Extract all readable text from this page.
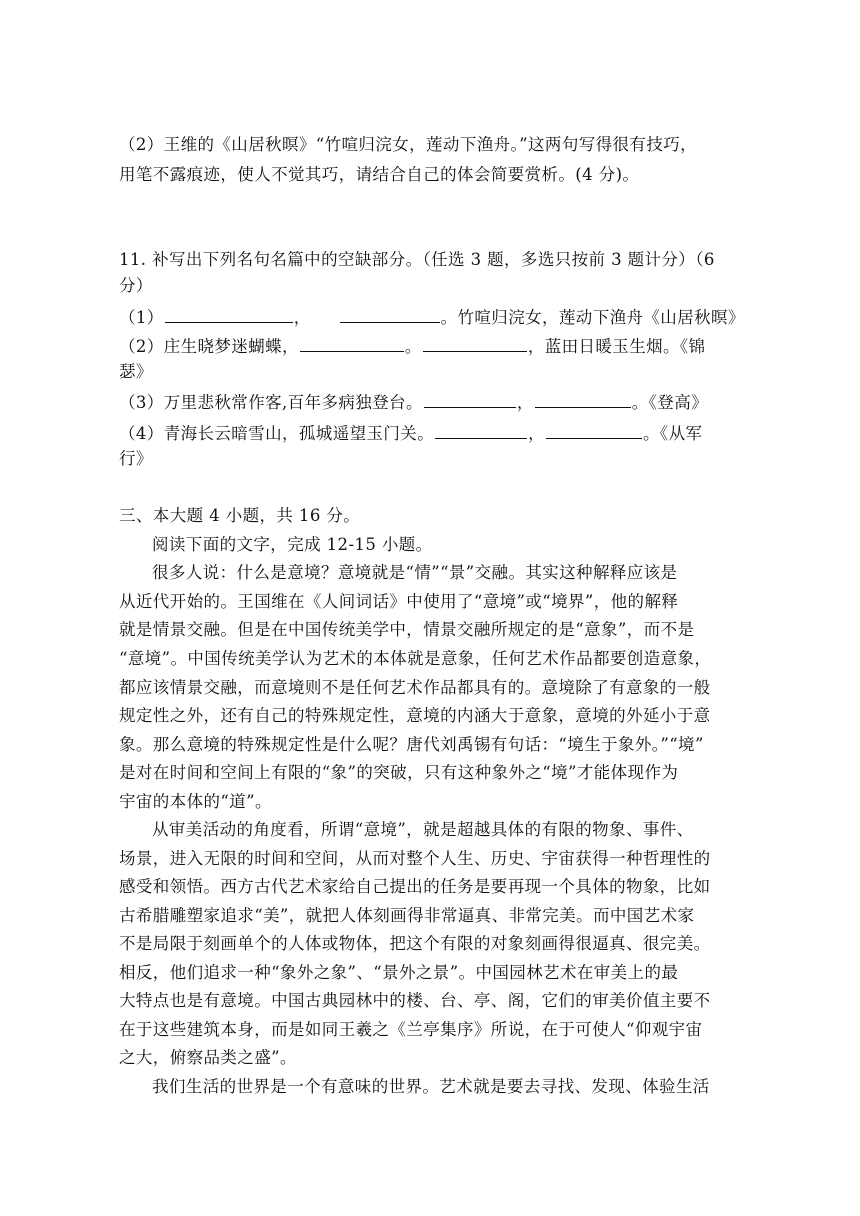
（2）王维的《山居秋暝》“竹喧归浣女，莲动下渔舟。”这两句写得很有技巧，
用笔不露痕迹，使人不觉其巧，请结合自己的体会简要赏析。(4 分)。
11. 补写出下列名句名篇中的空缺部分。（任选 3 题，多选只按前 3 题计分）（6
分）
（1）	，	。竹喧归浣女，莲动下渔舟《山居秋暝》
（2）庄生晓梦迷蝴蝶，	。	，蓝田日暖玉生烟。《锦
瑟》
（3）万里悲秋常作客,百年多病独登台。	，	。《登高》
（4）青海长云暗雪山，孤城遥望玉门关。	，	。《从军
行》
三、本大题 4 小题，共 16 分。
阅读下面的文字，完成 12-15 小题。
很多人说：什么是意境？意境就是“情”“景”交融。其实这种解释应该是
从近代开始的。王国维在《人间词话》中使用了“意境”或“境界”，他的解释
就是情景交融。但是在中国传统美学中，情景交融所规定的是“意象”，而不是
“意境”。中国传统美学认为艺术的本体就是意象，任何艺术作品都要创造意象，
都应该情景交融，而意境则不是任何艺术作品都具有的。意境除了有意象的一般
规定性之外，还有自己的特殊规定性，意境的内涵大于意象，意境的外延小于意
象。那么意境的特殊规定性是什么呢？唐代刘禹锡有句话：“境生于象外。”“境”
是对在时间和空间上有限的“象”的突破，只有这种象外之“境”才能体现作为
宇宙的本体的“道”。
从审美活动的角度看，所谓“意境”，就是超越具体的有限的物象、事件、
场景，进入无限的时间和空间，从而对整个人生、历史、宇宙获得一种哲理性的
感受和领悟。西方古代艺术家给自己提出的任务是要再现一个具体的物象，比如
古希腊雕塑家追求“美”，就把人体刻画得非常逼真、非常完美。而中国艺术家
不是局限于刻画单个的人体或物体，把这个有限的对象刻画得很逼真、很完美。
相反，他们追求一种“象外之象”、“景外之景”。中国园林艺术在审美上的最
大特点也是有意境。中国古典园林中的楼、台、亭、阁，它们的审美价值主要不
在于这些建筑本身，而是如同王羲之《兰亭集序》所说，在于可使人“仰观宇宙
之大，俯察品类之盛”。
我们生活的世界是一个有意味的世界。艺术就是要去寻找、发现、体验生活
